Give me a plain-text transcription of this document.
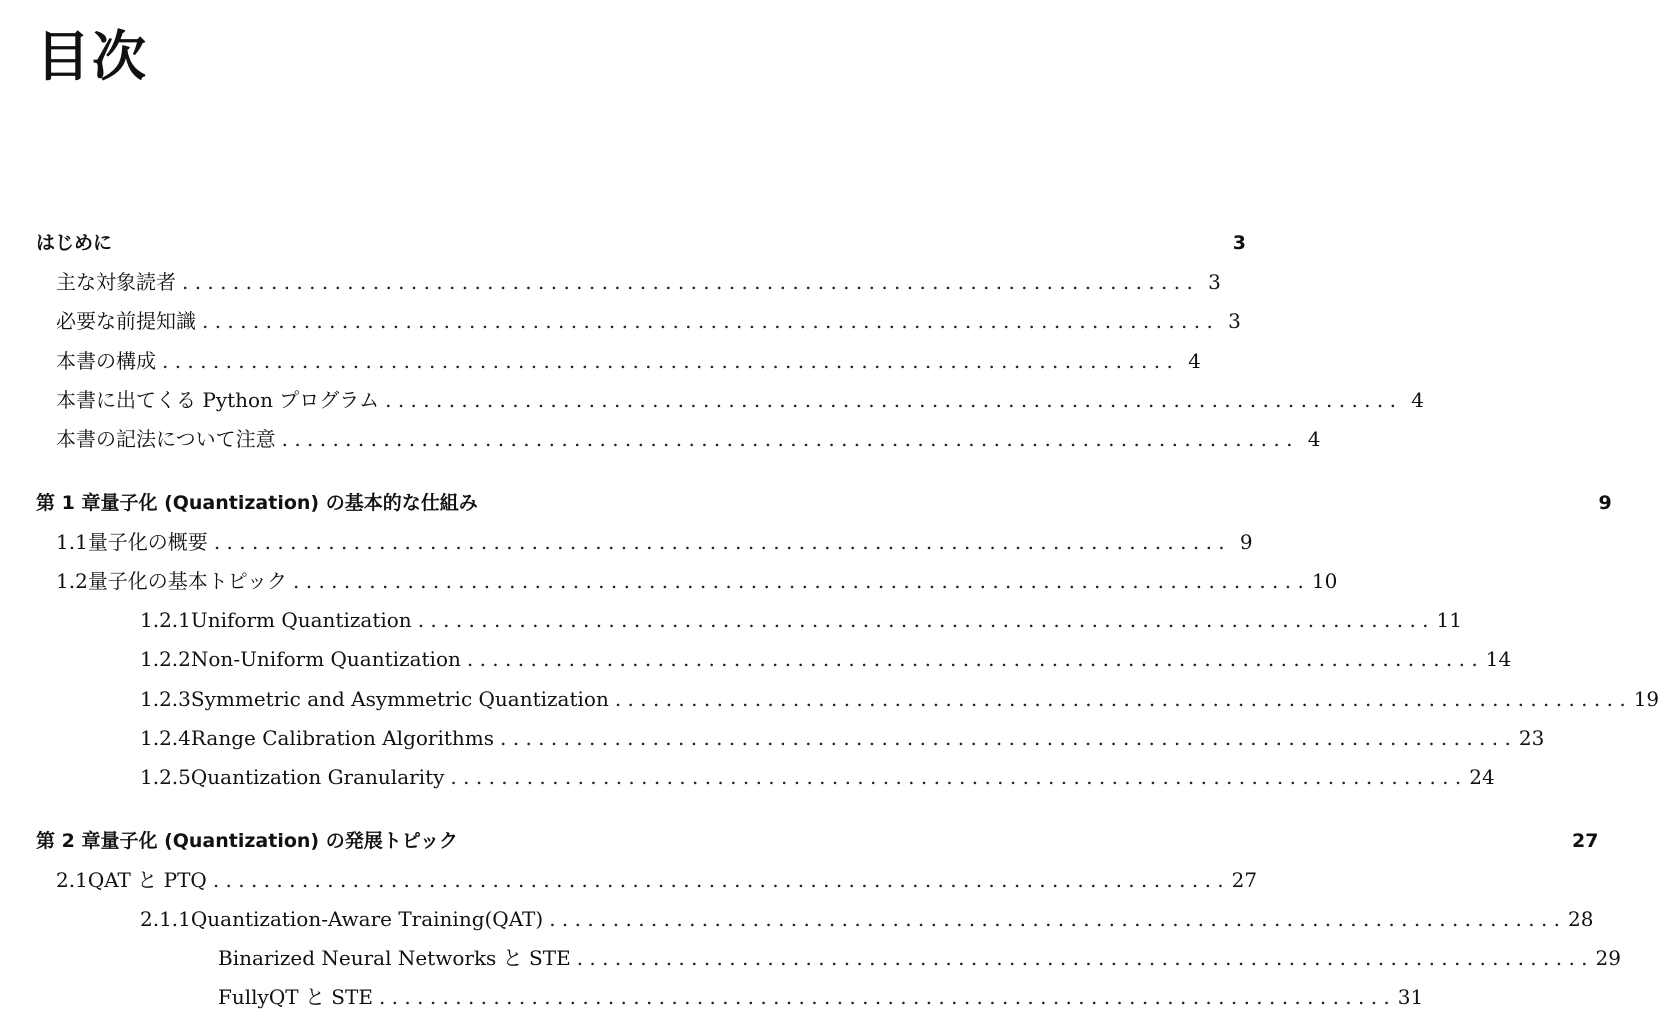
目次
はじめに	3
主な対象読者 . . . . . . . . . . . . . . . . . . . . . . . . . . . . . . . . . . . . . . . . . . . . . . . . . . . . . . . . . . . . . . . . . . . . . . . . . . . . . . . . 3
必要な前提知識 . . . . . . . . . . . . . . . . . . . . . . . . . . . . . . . . . . . . . . . . . . . . . . . . . . . . . . . . . . . . . . . . . . . . . . . . . . . . . . . . 3
本書の構成 . . . . . . . . . . . . . . . . . . . . . . . . . . . . . . . . . . . . . . . . . . . . . . . . . . . . . . . . . . . . . . . . . . . . . . . . . . . . . . . . 4
本書に出てくる Python プログラム . . . . . . . . . . . . . . . . . . . . . . . . . . . . . . . . . . . . . . . . . . . . . . . . . . . . . . . . . . . . . . . . . . . . . . . . . . . . . . . . 4
本書の記法について注意 . . . . . . . . . . . . . . . . . . . . . . . . . . . . . . . . . . . . . . . . . . . . . . . . . . . . . . . . . . . . . . . . . . . . . . . . . . . . . . . . 4
第 1 章 量子化 (Quantization) の基本的な仕組み	9
1.1 量子化の概要 . . . . . . . . . . . . . . . . . . . . . . . . . . . . . . . . . . . . . . . . . . . . . . . . . . . . . . . . . . . . . . . . . . . . . . . . . . . . . . . . 9
1.2 量子化の基本トピック . . . . . . . . . . . . . . . . . . . . . . . . . . . . . . . . . . . . . . . . . . . . . . . . . . . . . . . . . . . . . . . . . . . . . . . . . . . . . . . . 10
1.2.1 Uniform Quantization . . . . . . . . . . . . . . . . . . . . . . . . . . . . . . . . . . . . . . . . . . . . . . . . . . . . . . . . . . . . . . . . . . . . . . . . . . . . . . . . 11
1.2.2 Non-Uniform Quantization . . . . . . . . . . . . . . . . . . . . . . . . . . . . . . . . . . . . . . . . . . . . . . . . . . . . . . . . . . . . . . . . . . . . . . . . . . . . . . . . 14
1.2.3 Symmetric and Asymmetric Quantization . . . . . . . . . . . . . . . . . . . . . . . . . . . . . . . . . . . . . . . . . . . . . . . . . . . . . . . . . . . . . . . . . . . . . . . . . . . . . . . . 19
1.2.4 Range Calibration Algorithms . . . . . . . . . . . . . . . . . . . . . . . . . . . . . . . . . . . . . . . . . . . . . . . . . . . . . . . . . . . . . . . . . . . . . . . . . . . . . . . . 23
1.2.5 Quantization Granularity . . . . . . . . . . . . . . . . . . . . . . . . . . . . . . . . . . . . . . . . . . . . . . . . . . . . . . . . . . . . . . . . . . . . . . . . . . . . . . . . 24
第 2 章 量子化 (Quantization) の発展トピック	27
2.1 QAT と PTQ . . . . . . . . . . . . . . . . . . . . . . . . . . . . . . . . . . . . . . . . . . . . . . . . . . . . . . . . . . . . . . . . . . . . . . . . . . . . . . . . 27
2.1.1 Quantization-Aware Training(QAT) . . . . . . . . . . . . . . . . . . . . . . . . . . . . . . . . . . . . . . . . . . . . . . . . . . . . . . . . . . . . . . . . . . . . . . . . . . . . . . . . 28
Binarized Neural Networks と STE . . . . . . . . . . . . . . . . . . . . . . . . . . . . . . . . . . . . . . . . . . . . . . . . . . . . . . . . . . . . . . . . . . . . . . . . . . . . . . . . 29
FullyQT と STE . . . . . . . . . . . . . . . . . . . . . . . . . . . . . . . . . . . . . . . . . . . . . . . . . . . . . . . . . . . . . . . . . . . . . . . . . . . . . . . . 31
